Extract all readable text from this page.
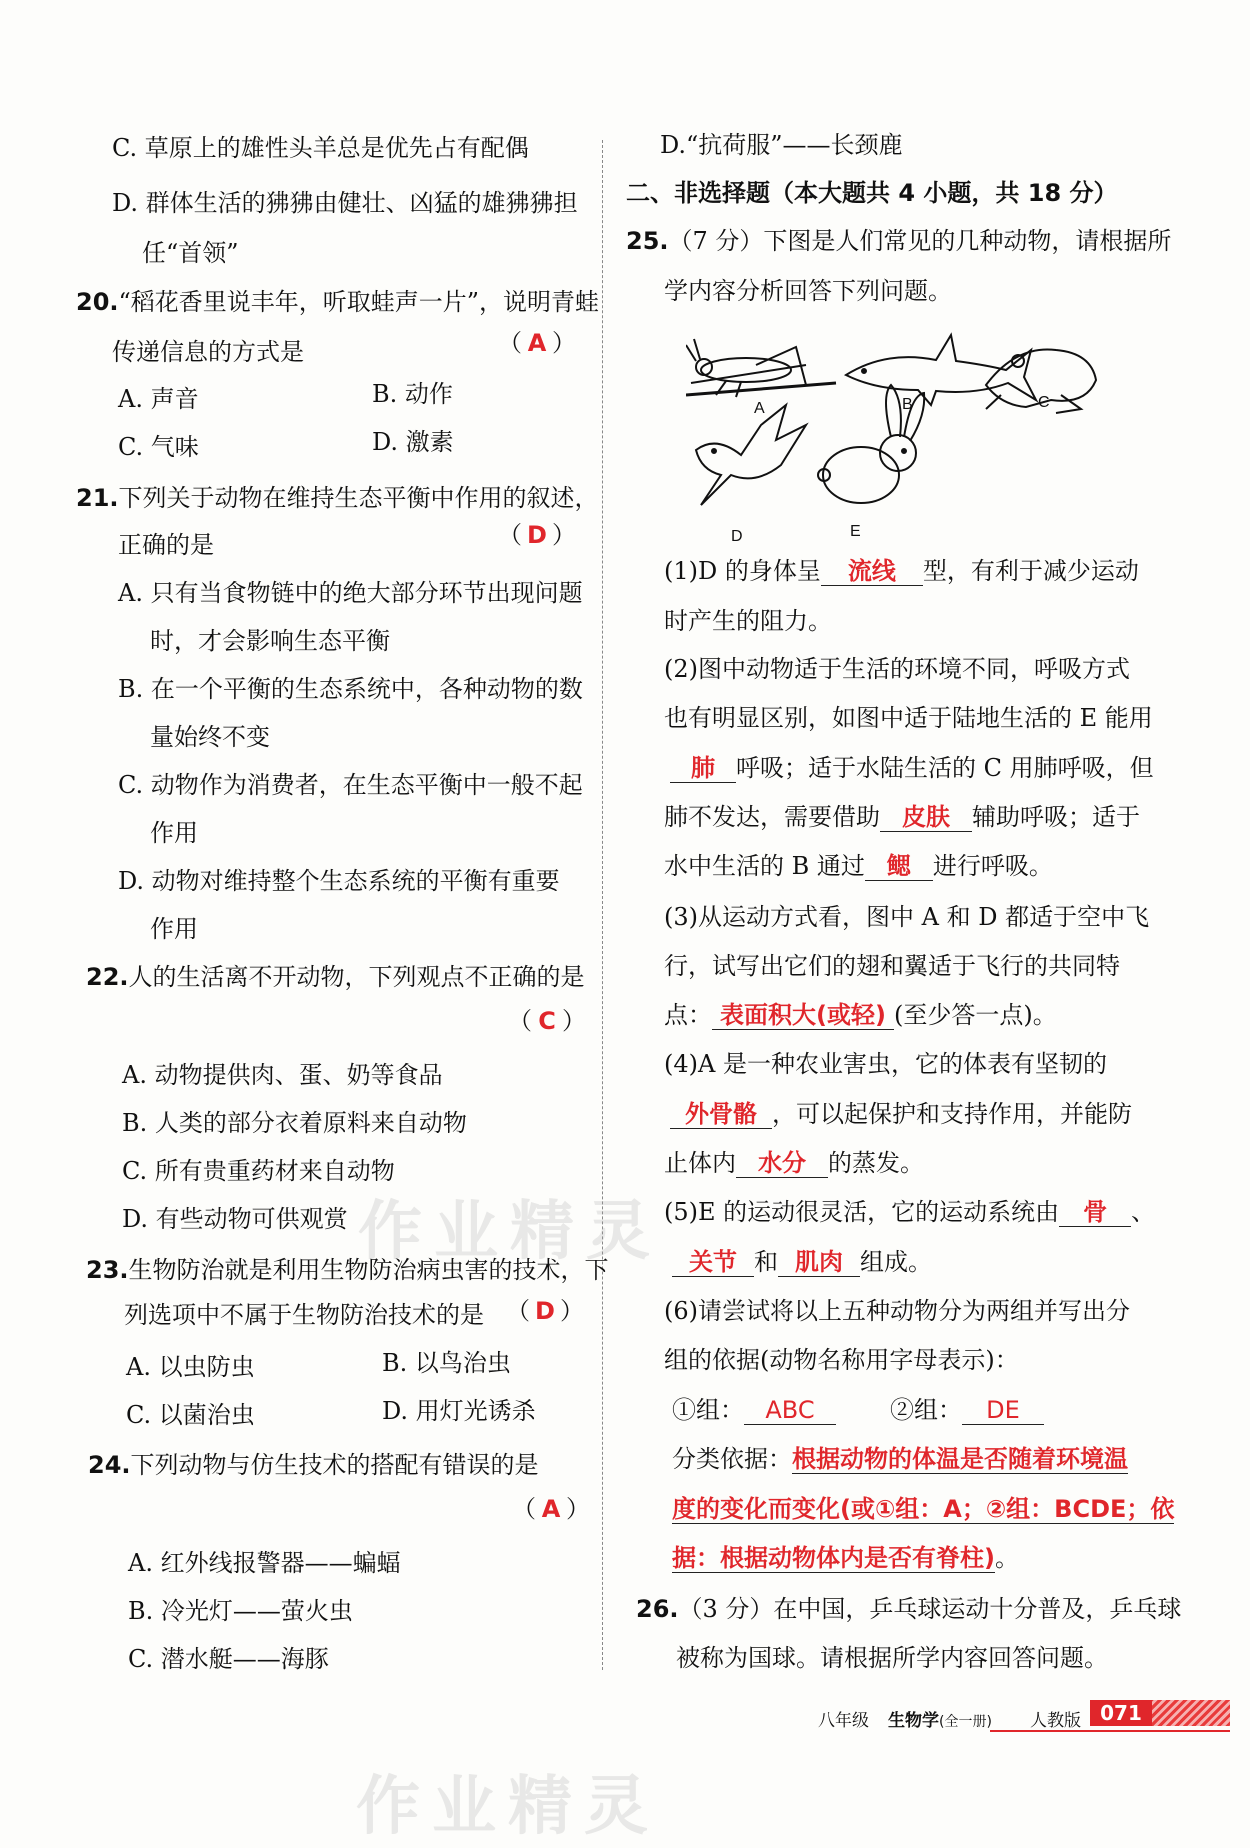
C. 草原上的雄性头羊总是优先占有配偶
D. 群体生活的狒狒由健壮、凶猛的雄狒狒担
任“首领”
20.“稻花香里说丰年，听取蛙声一片”，说明青蛙
传递信息的方式是	（ A ）
A. 声音	B. 动作
C. 气味	D. 激素
21.下列关于动物在维持生态平衡中作用的叙述，
正确的是	（ D ）
A. 只有当食物链中的绝大部分环节出现问题
时，才会影响生态平衡
B. 在一个平衡的生态系统中，各种动物的数
量始终不变
C. 动物作为消费者，在生态平衡中一般不起
作用
D. 动物对维持整个生态系统的平衡有重要
作用
22.人的生活离不开动物，下列观点不正确的是
（ C ）
A. 动物提供肉、蛋、奶等食品
B. 人类的部分衣着原料来自动物
C. 所有贵重药材来自动物
D. 有些动物可供观赏
23.生物防治就是利用生物防治病虫害的技术，下
列选项中不属于生物防治技术的是 （ D ）
A. 以虫防虫	B. 以鸟治虫
C. 以菌治虫	D. 用灯光诱杀
24.下列动物与仿生技术的搭配有错误的是
（ A ）
A. 红外线报警器——蝙蝠
B. 冷光灯——萤火虫
C. 潜水艇——海豚
D.“抗荷服”——长颈鹿
二、非选择题（本大题共 4 小题，共 18 分）
25.（7 分）下图是人们常见的几种动物，请根据所
学内容分析回答下列问题。
A	B	C
D	E
(1)D 的身体呈 流线 型，有利于减少运动
时产生的阻力。
(2)图中动物适于生活的环境不同，呼吸方式
也有明显区别，如图中适于陆地生活的 E 能用
肺 呼吸；适于水陆生活的 C 用肺呼吸，但
肺不发达，需要借助 皮肤 辅助呼吸；适于
水中生活的 B 通过 鳃 进行呼吸。
(3)从运动方式看，图中 A 和 D 都适于空中飞
行，试写出它们的翅和翼适于飞行的共同特
点： 表面积大(或轻) (至少答一点)。
(4)A 是一种农业害虫，它的体表有坚韧的
外骨骼 ，可以起保护和支持作用，并能防
止体内 水分 的蒸发。
(5)E 的运动很灵活，它的运动系统由 骨 、
关节 和 肌肉 组成。
(6)请尝试将以上五种动物分为两组并写出分
组的依据(动物名称用字母表示)：
①组： ABC	②组： DE
分类依据：根据动物的体温是否随着环境温
度的变化而变化(或①组：A；②组：BCDE；依
据：根据动物体内是否有脊柱)。
26.（3 分）在中国，乒乓球运动十分普及，乒乓球
被称为国球。请根据所学内容回答问题。
八年级 生物学(全一册) 人教版 071
作业精灵
作业精灵
